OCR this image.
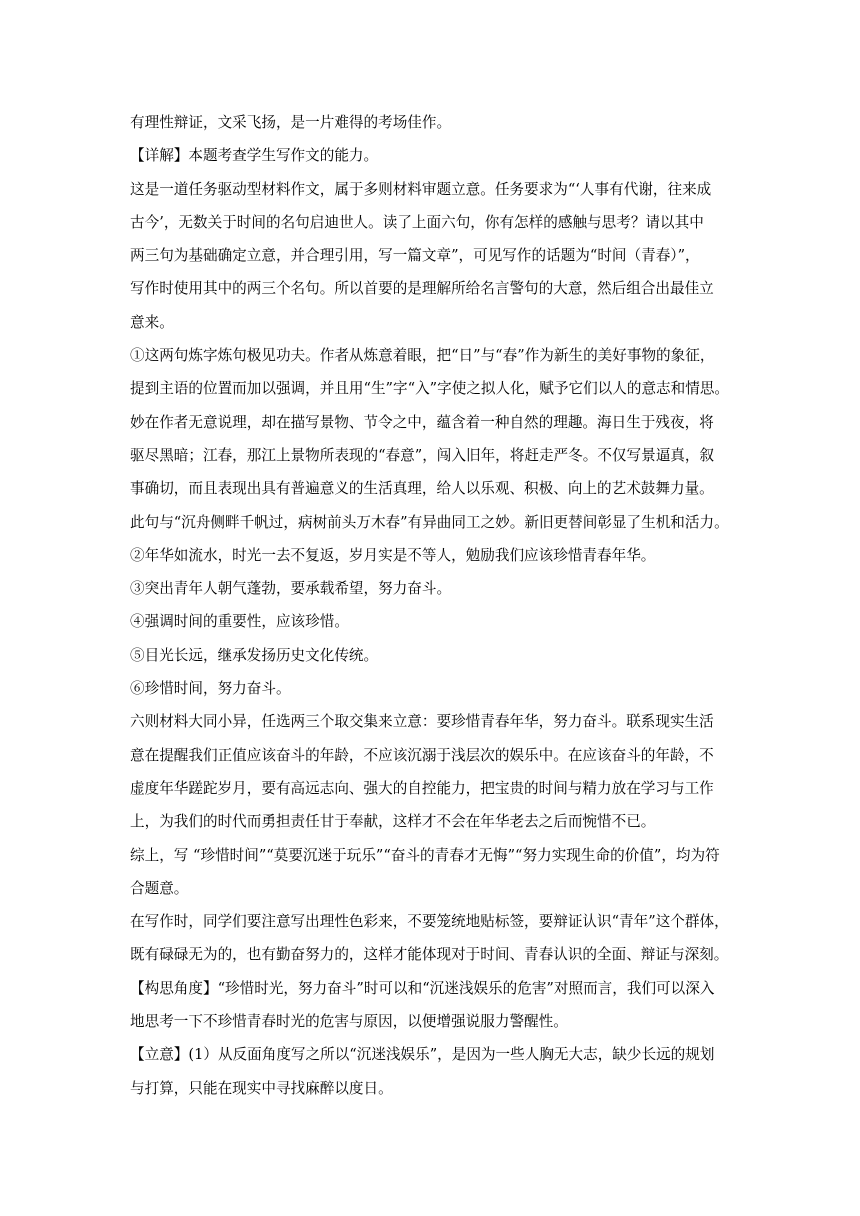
有理性辩证，文采飞扬，是一片难得的考场佳作。
【详解】本题考查学生写作文的能力。
这是一道任务驱动型材料作文，属于多则材料审题立意。任务要求为“‘人事有代谢，往来成
古今’，无数关于时间的名句启迪世人。读了上面六句，你有怎样的感触与思考？请以其中
两三句为基础确定立意，并合理引用，写一篇文章”，可见写作的话题为“时间（青春）”，
写作时使用其中的两三个名句。所以首要的是理解所给名言警句的大意，然后组合出最佳立
意来。
①这两句炼字炼句极见功夫。作者从炼意着眼，把“日”与“春”作为新生的美好事物的象征，
提到主语的位置而加以强调，并且用“生”字“入”字使之拟人化，赋予它们以人的意志和情思。
妙在作者无意说理，却在描写景物、节令之中，蕴含着一种自然的理趣。海日生于残夜，将
驱尽黑暗；江春，那江上景物所表现的“春意”，闯入旧年，将赶走严冬。不仅写景逼真，叙
事确切，而且表现出具有普遍意义的生活真理，给人以乐观、积极、向上的艺术鼓舞力量。
此句与“沉舟侧畔千帆过，病树前头万木春”有异曲同工之妙。新旧更替间彰显了生机和活力。
②年华如流水，时光一去不复返，岁月实是不等人，勉励我们应该珍惜青春年华。
③突出青年人朝气蓬勃，要承载希望，努力奋斗。
④强调时间的重要性，应该珍惜。
⑤目光长远，继承发扬历史文化传统。
⑥珍惜时间，努力奋斗。
六则材料大同小异，任选两三个取交集来立意：要珍惜青春年华，努力奋斗。联系现实生活
意在提醒我们正值应该奋斗的年龄，不应该沉溺于浅层次的娱乐中。在应该奋斗的年龄，不
虚度年华蹉跎岁月，要有高远志向、强大的自控能力，把宝贵的时间与精力放在学习与工作
上，为我们的时代而勇担责任甘于奉献，这样才不会在年华老去之后而惋惜不已。
综上，写 “珍惜时间”“莫要沉迷于玩乐”“奋斗的青春才无悔”“努力实现生命的价值”，均为符
合题意。
在写作时，同学们要注意写出理性色彩来，不要笼统地贴标签，要辩证认识“青年”这个群体，
既有碌碌无为的，也有勤奋努力的，这样才能体现对于时间、青春认识的全面、辩证与深刻。
【构思角度】“珍惜时光，努力奋斗”时可以和“沉迷浅娱乐的危害”对照而言，我们可以深入
地思考一下不珍惜青春时光的危害与原因，以便增强说服力警醒性。
【立意】(1）从反面角度写之所以“沉迷浅娱乐”，是因为一些人胸无大志，缺少长远的规划
与打算，只能在现实中寻找麻醉以度日。
